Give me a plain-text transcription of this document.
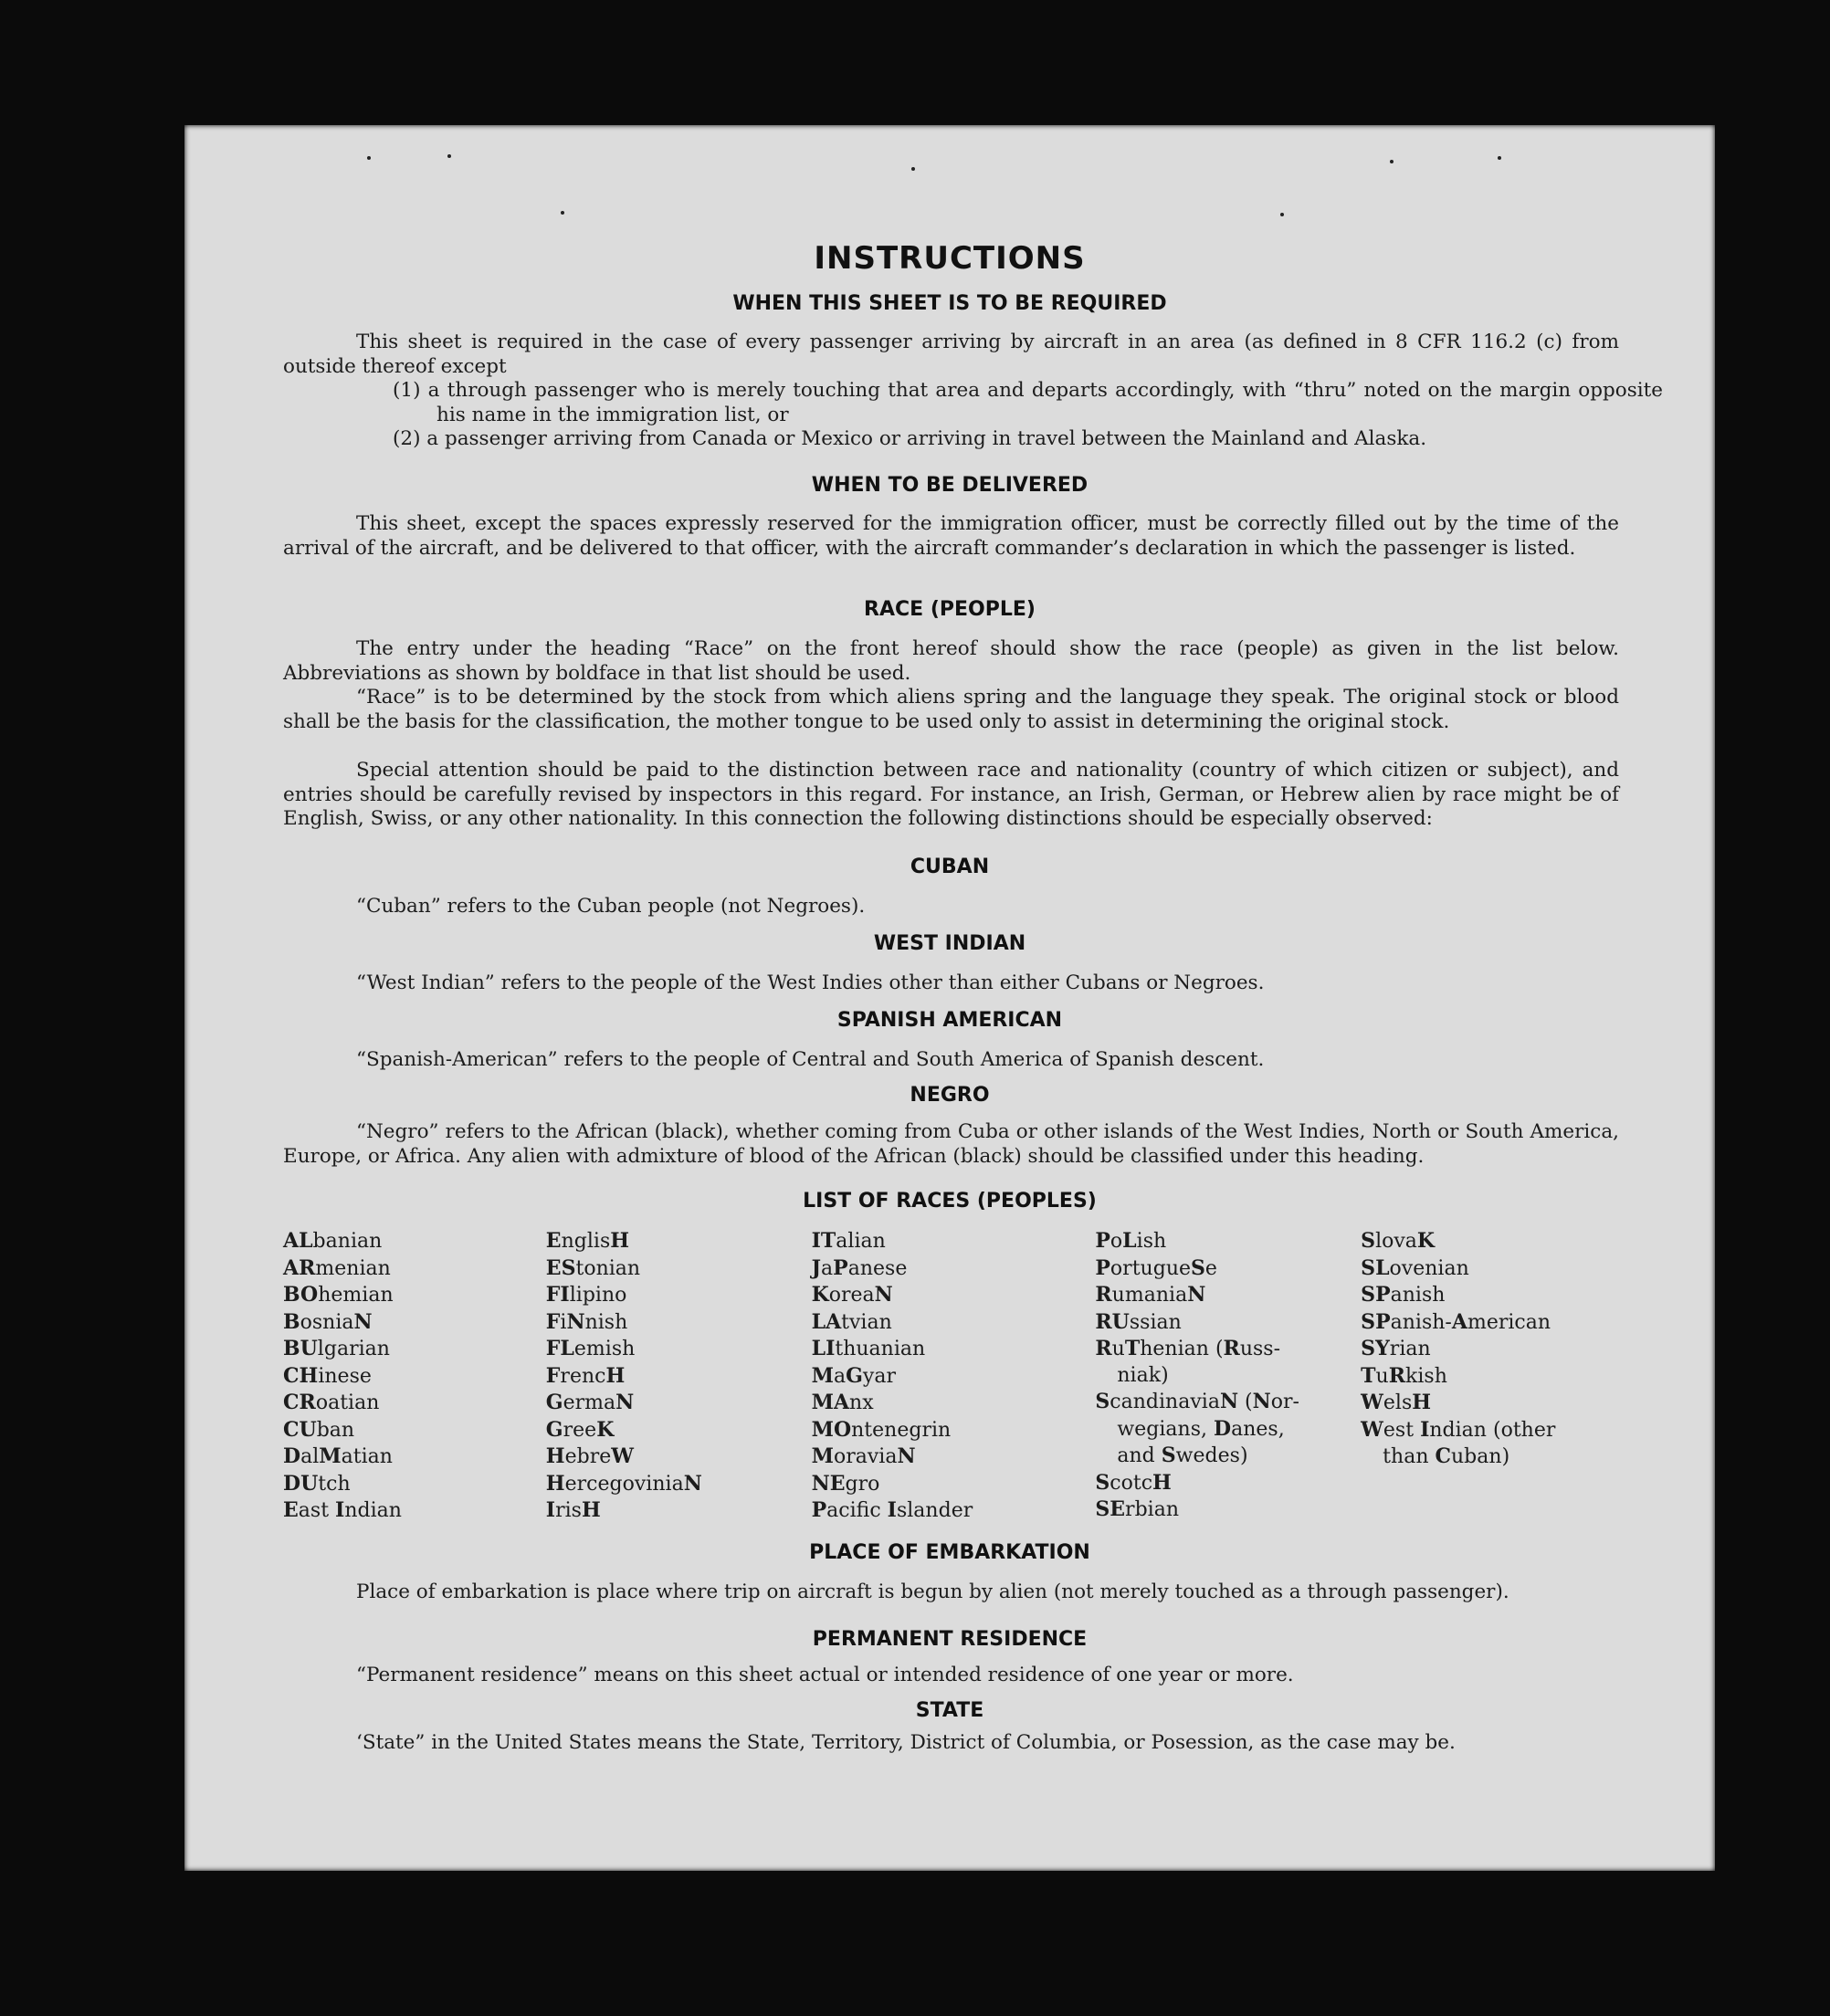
INSTRUCTIONS
WHEN THIS SHEET IS TO BE REQUIRED

This sheet is required in the case of every passenger arriving by aircraft in an area (as defined in 8 CFR 116.2 (c) from outside thereof except

(1) a through passenger who is merely touching that area and departs accordingly, with “thru” noted on the margin opposite his name in the immigration list, or

(2) a passenger arriving from Canada or Mexico or arriving in travel between the Mainland and Alaska.

WHEN TO BE DELIVERED

This sheet, except the spaces expressly reserved for the immigration officer, must be correctly filled out by the time of the arrival of the aircraft, and be delivered to that officer, with the aircraft commander’s declaration in which the passenger is listed.

RACE (PEOPLE)

The entry under the heading “Race” on the front hereof should show the race (people) as given in the list below. Abbreviations as shown by boldface in that list should be used.

“Race” is to be determined by the stock from which aliens spring and the language they speak. The original stock or blood shall be the basis for the classification, the mother tongue to be used only to assist in determining the original stock.

Special attention should be paid to the distinction between race and nationality (country of which citizen or subject), and entries should be carefully revised by inspectors in this regard. For instance, an Irish, German, or Hebrew alien by race might be of English, Swiss, or any other nationality. In this connection the following distinctions should be especially observed:

CUBAN

“Cuban” refers to the Cuban people (not Negroes).

WEST INDIAN

“West Indian” refers to the people of the West Indies other than either Cubans or Negroes.

SPANISH AMERICAN

“Spanish-American” refers to the people of Central and South America of Spanish descent.

NEGRO

“Negro” refers to the African (black), whether coming from Cuba or other islands of the West Indies, North or South America, Europe, or Africa. Any alien with admixture of blood of the African (black) should be classified under this heading.

LIST OF RACES (PEOPLES)
ALbanian
ARmenian
BOhemian
BosniaN
BUlgarian
CHinese
CRoatian
CUban
DalMatian
DUtch
East Indian
EnglisH
EStonian
FIlipino
FiNnish
FLemish
FrencH
GermaN
GreeK
HebreW
HercegoviniaN
IrisH
ITalian
JaPanese
KoreaN
LAtvian
LIthuanian
MaGyar
MAnx
MOntenegrin
MoraviaN
NEgro
Pacifc Islander
PoLish
PortugueSe
RumaniaN
RUssian
RuThenian (Russ-
niak)
ScandinaviaN (Nor-
wegians, Danes,
and Swedes)
ScotcH
SErbian
SlovaK
SLovenian
SPanish
SPanish-American
SYrian
TuRkish
WelsH
West Indian (other
than Cuban)
PLACE OF EMBARKATION

Place of embarkation is place where trip on aircraft is begun by alien (not merely touched as a through passenger).

PERMANENT RESIDENCE

“Permanent residence” means on this sheet actual or intended residence of one year or more.

STATE

‘State” in the United States means the State, Territory, District of Columbia, or Posession, as the case may be.
